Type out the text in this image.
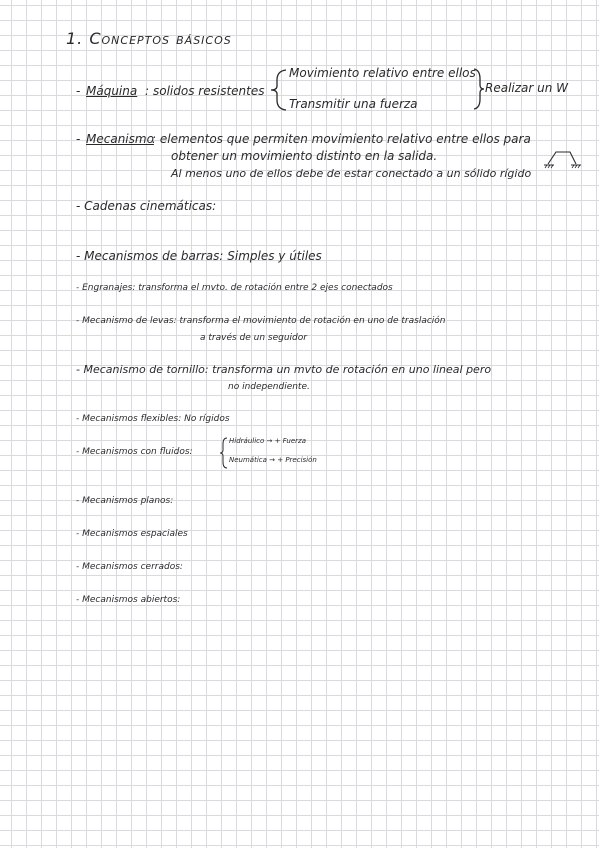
1. Conceptos básicos
- Máquina : solidos resistentes
Movimiento relativo entre ellos
Transmitir una fuerza
Realizar un W
- Mecanismo
: elementos que permiten movimiento relativo entre ellos para
obtener un movimiento distinto en la salida.
Al menos uno de ellos debe de estar conectado a un sólido rígido
- Cadenas cinemáticas:
- Mecanismos de barras: Simples y útiles
- Engranajes: transforma el mvto. de rotación entre 2 ejes conectados
- Mecanismo de levas: transforma el movimiento de rotación en uno de traslación
a través de un seguidor
- Mecanismo de tornillo: transforma un mvto de rotación en uno lineal pero
no independiente.
- Mecanismos flexibles: No rígidos
- Mecanismos con fluidos:
Hidráulico → + Fuerza
Neumática → + Precisión
- Mecanismos planos:
- Mecanismos espaciales
- Mecanismos cerrados:
- Mecanismos abiertos:
